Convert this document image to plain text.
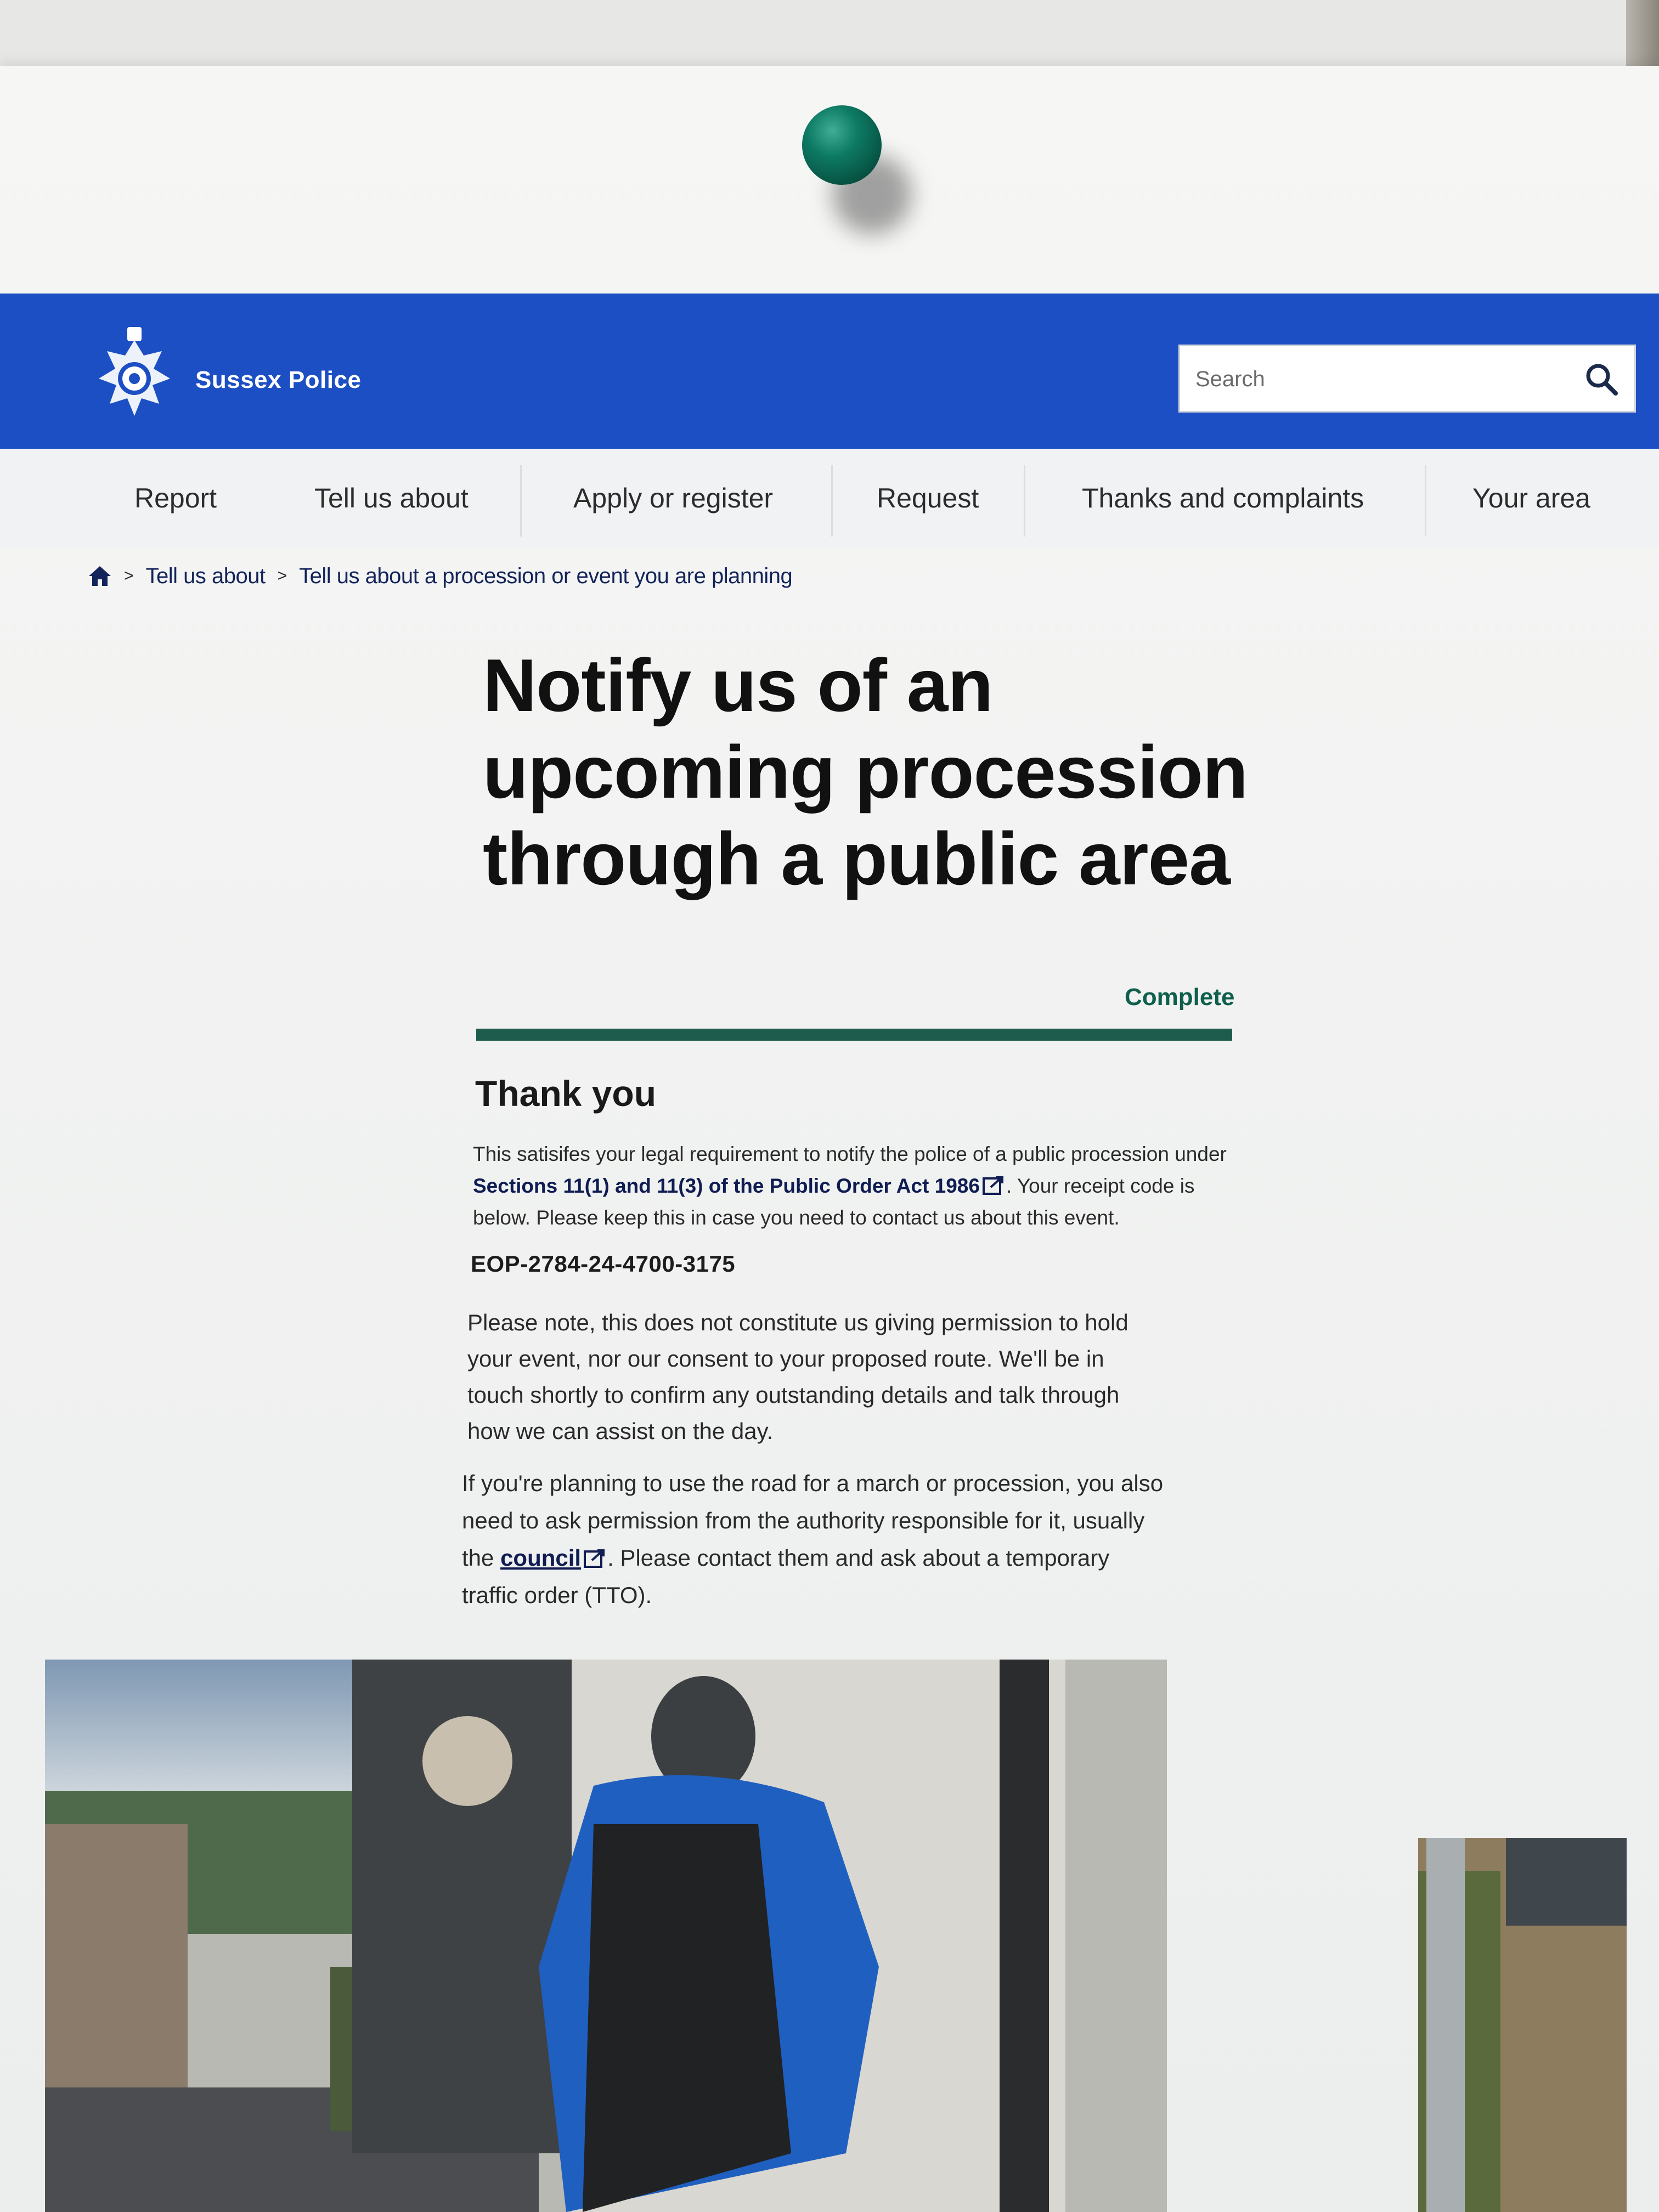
Sussex Police
Search
Report	Tell us about	Apply or register	Request	Thanks and complaints	Your area
> Tell us about > Tell us about a procession or event you are planning
Notify us of an
upcoming procession
through a public area
Complete
Thank you

This satisifes your legal requirement to notify the police of a public procession under Sections 11(1) and 11(3) of the Public Order Act 1986 . Your receipt code is below. Please keep this in case you need to contact us about this event.

EOP-2784-24-4700-3175

Please note, this does not constitute us giving permission to hold your event, nor our consent to your proposed route. We'll be in touch shortly to confirm any outstanding details and talk through how we can assist on the day.

If you're planning to use the road for a march or procession, you also need to ask permission from the authority responsible for it, usually the council . Please contact them and ask about a temporary traffic order (TTO).
